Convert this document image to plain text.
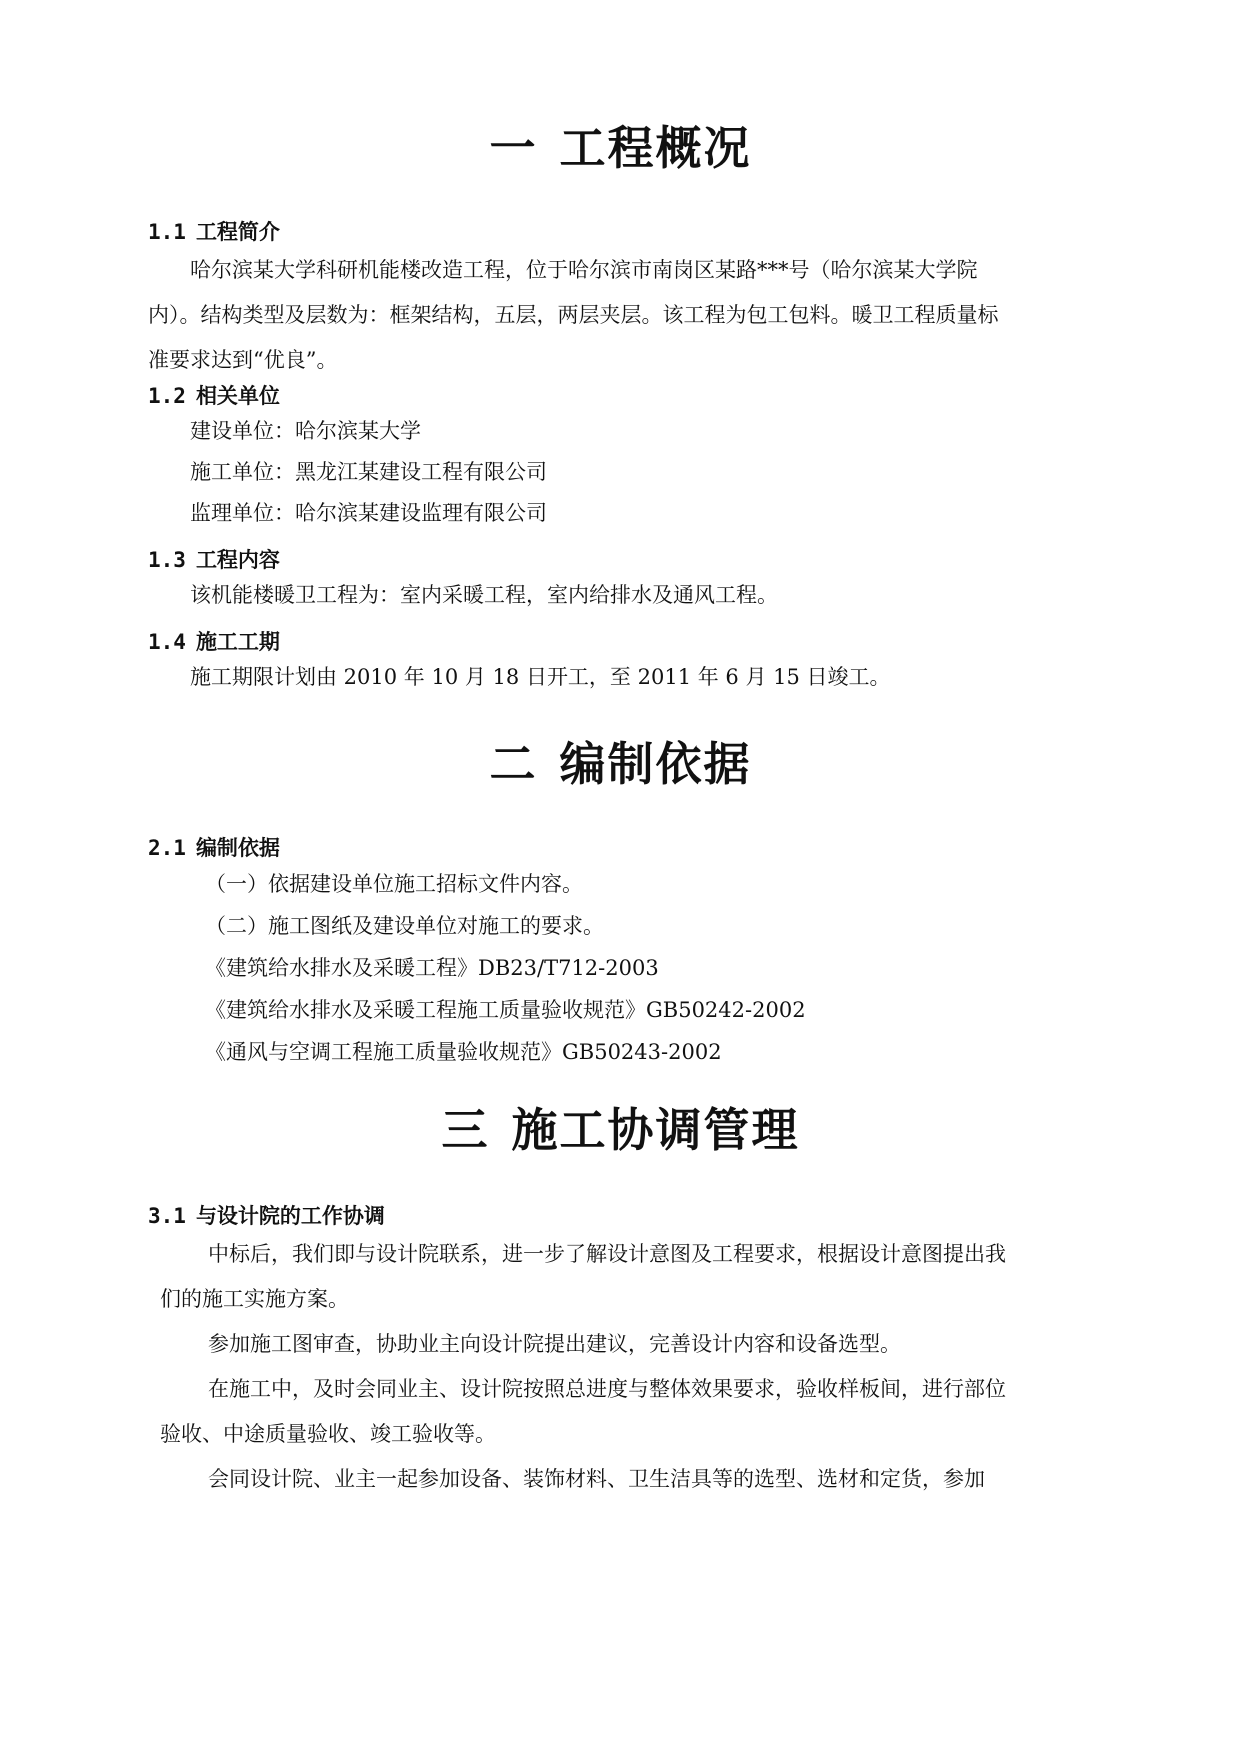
一 工程概况
1.1 工程简介
哈尔滨某大学科研机能楼改造工程，位于哈尔滨市南岗区某路***号（哈尔滨某大学院内）。结构类型及层数为：框架结构，五层，两层夹层。该工程为包工包料。暖卫工程质量标准要求达到“优良”。
1.2 相关单位
建设单位：哈尔滨某大学
施工单位：黑龙江某建设工程有限公司
监理单位：哈尔滨某建设监理有限公司
1.3 工程内容
该机能楼暖卫工程为：室内采暖工程，室内给排水及通风工程。
1.4 施工工期
施工期限计划由 2010 年 10 月 18 日开工，至 2011 年 6 月 15 日竣工。
二 编制依据
2.1 编制依据
（一）依据建设单位施工招标文件内容。
（二）施工图纸及建设单位对施工的要求。
《建筑给水排水及采暖工程》DB23/T712-2003
《建筑给水排水及采暖工程施工质量验收规范》GB50242-2002
《通风与空调工程施工质量验收规范》GB50243-2002
三 施工协调管理
3.1 与设计院的工作协调
中标后，我们即与设计院联系，进一步了解设计意图及工程要求，根据设计意图提出我们的施工实施方案。
参加施工图审查，协助业主向设计院提出建议，完善设计内容和设备选型。
在施工中，及时会同业主、设计院按照总进度与整体效果要求，验收样板间，进行部位验收、中途质量验收、竣工验收等。
会同设计院、业主一起参加设备、装饰材料、卫生洁具等的选型、选材和定货，参加
